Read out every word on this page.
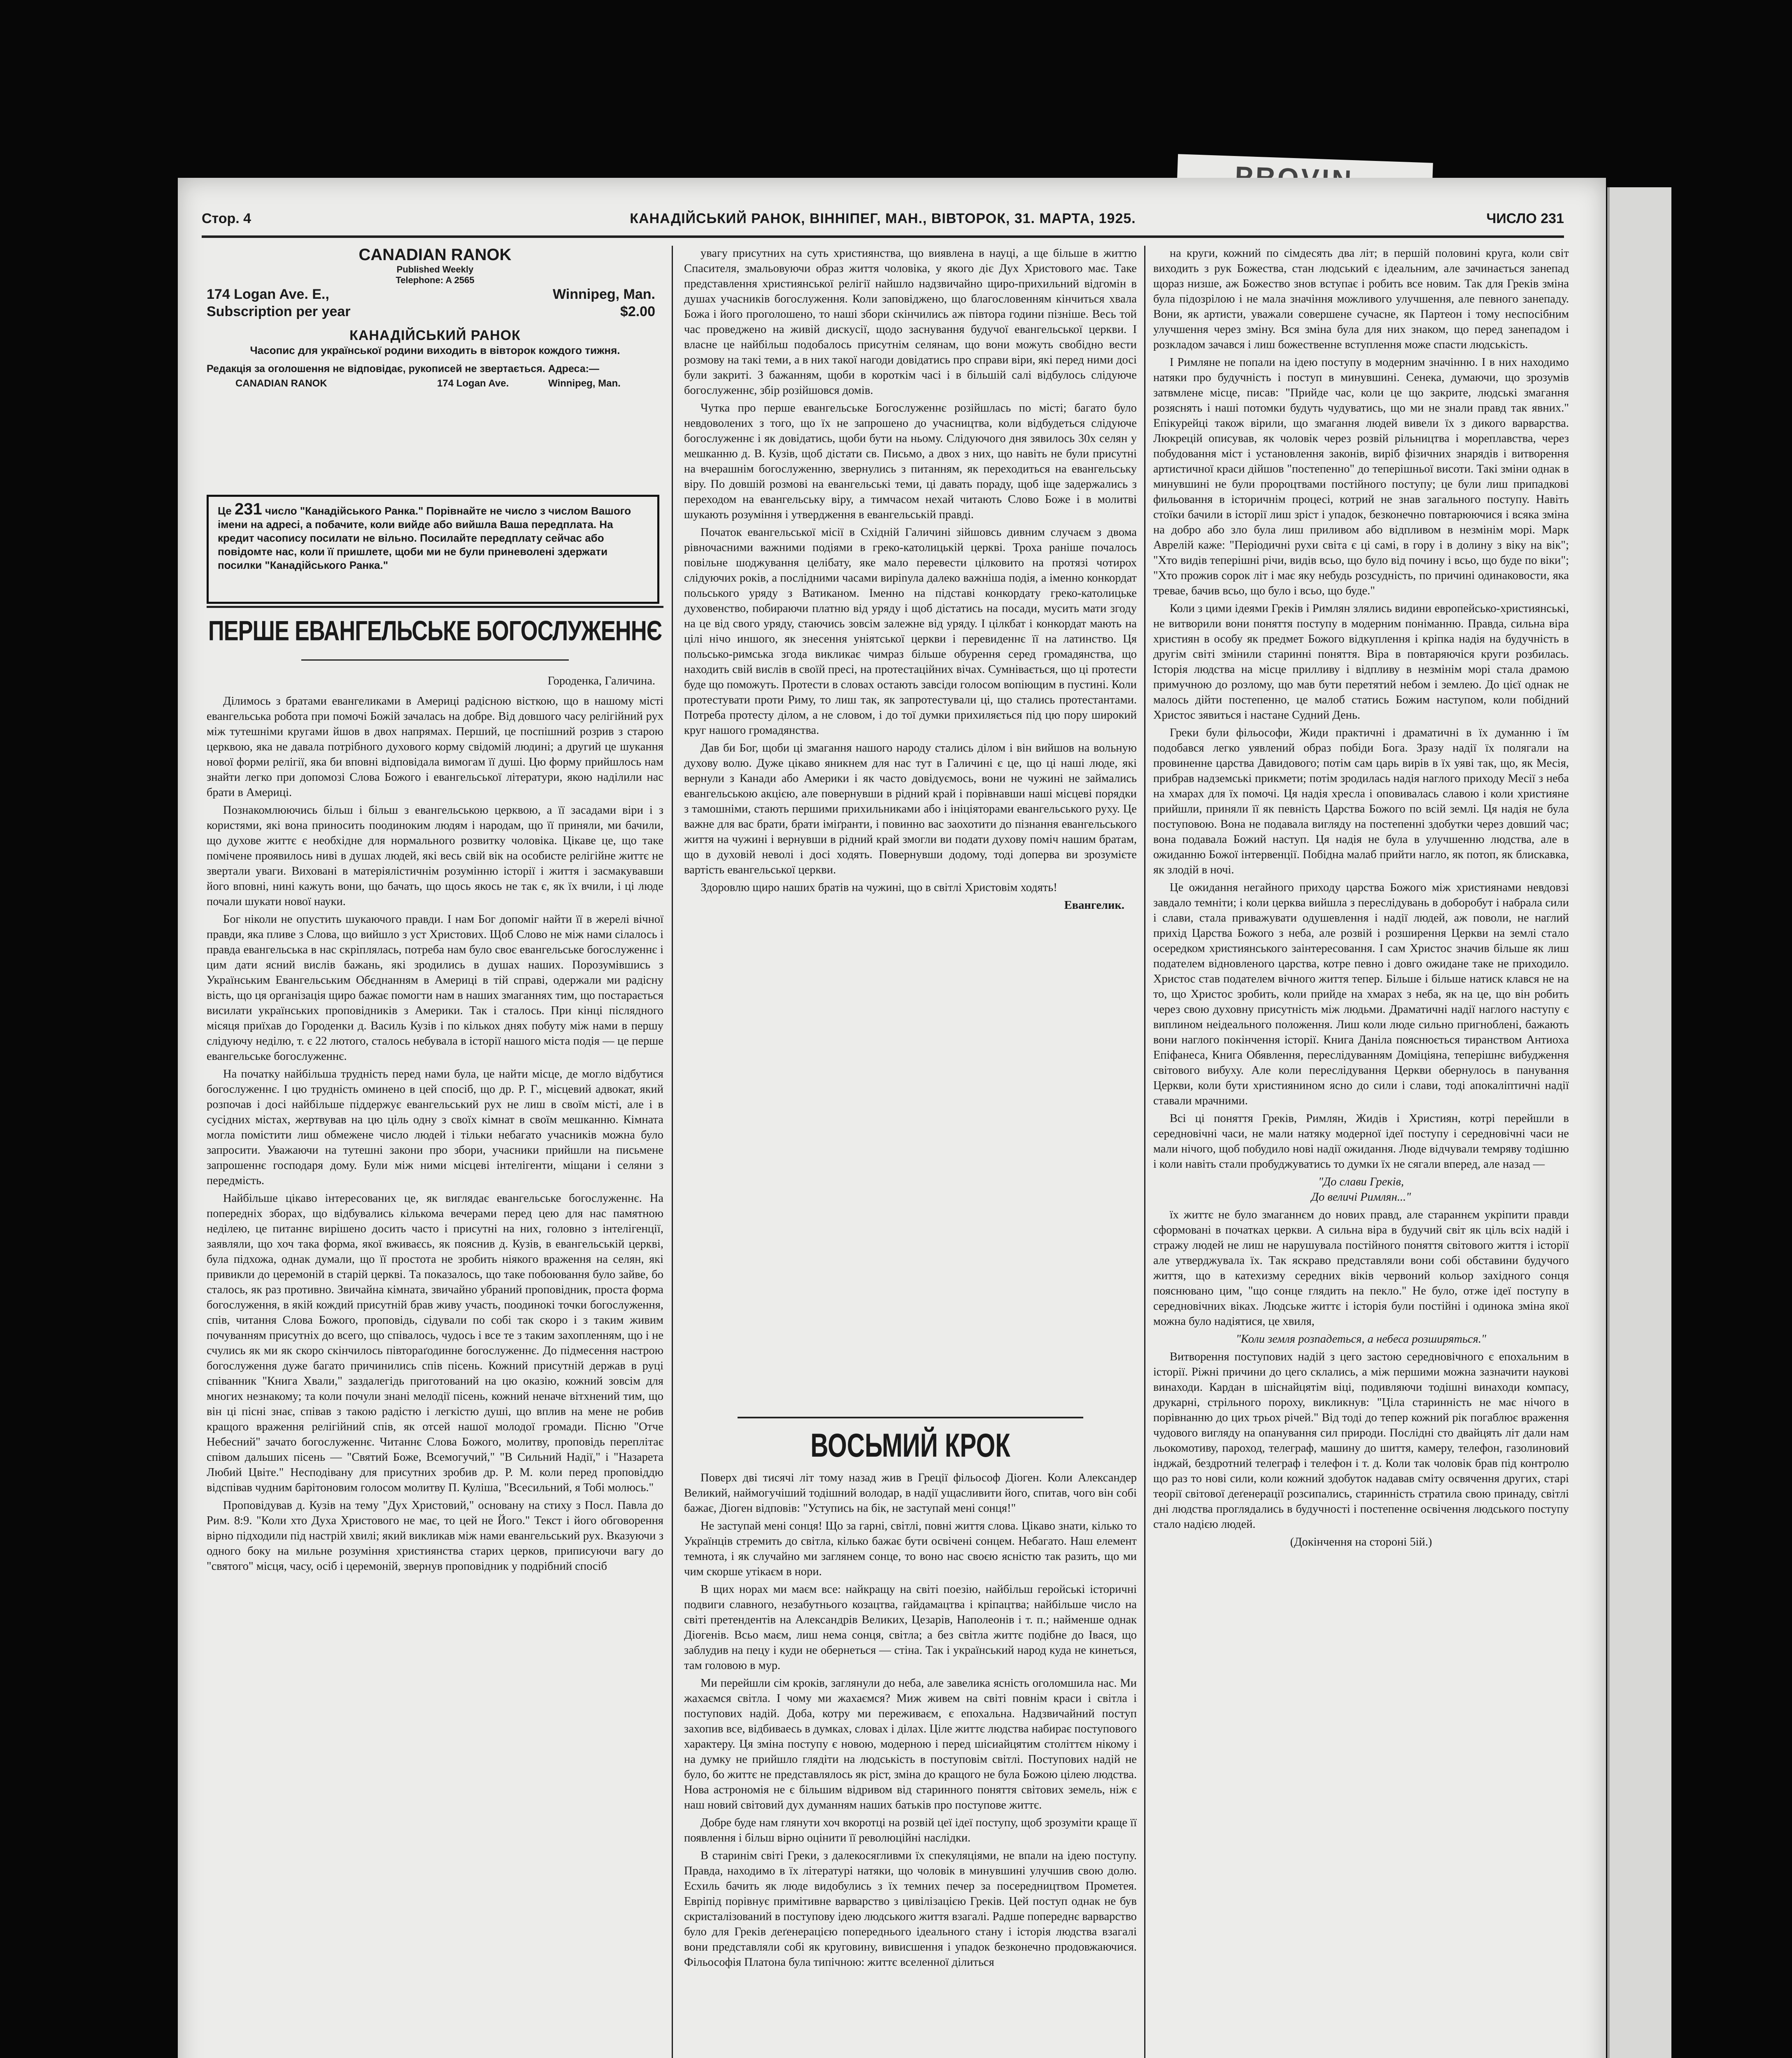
Стор. 4	КАНАДІЙСЬКИЙ РАНОК, ВІННІПЕГ, МАН., ВІВТОРОК, 31. МАРТА, 1925.	ЧИСЛО 231
CANADIAN RANOK
Published Weekly
Telephone: A 2565
174 Logan Ave. E.,	Winnipeg, Man.
Subscription per year	$2.00
КАНАДІЙСЬКИЙ РАНОК
Часопис для української родини виходить в вівторок кождого тижня.
Редакція за оголошення не відповідає, рукописей не звертається. Адреса:—
CANADIAN RANOK	174 Logan Ave.	Winnipeg, Man.
Це 231 число "Канадійського Ранка." Порівнайте не число з числом Вашого імени на адресі, а побачите, коли вийде або вийшла Ваша передплата. На кредит часопису посилати не вільно. Посилайте передплату сейчас або повідомте нас, коли її пришлете, щоби ми не були приневолені здержати посилки "Канадійського Ранка."
ПЕРШЕ ЕВАНГЕЛЬСЬКЕ БОГОСЛУЖЕННЄ
Городенка, Галичина.

Ділимось з братами евангеликами в Америці радісною вісткою, що в нашому місті евангельська робота при помочі Божій зачалась на добре. Від довшого часу релігійний рух між тутешніми кругами йшов в двох напрямах. Перший, це поспішний розрив з старою церквою, яка не давала потрібного духового корму свідомій людині; а другий це шукання нової форми релігії, яка би вповні відповідала вимогам її душі. Цю форму прийшлось нам знайти легко при допомозі Слова Божого і евангельської літератури, якою наділили нас брати в Америці.

Познакомлюючись більш і більш з евангельською церквою, а її засадами віри і з користями, які вона приносить поодиноким людям і народам, що її приняли, ми бачили, що духове життє є необхідне для нормального розвитку чоловіка. Цікаве це, що таке помічене проявилось ниві в душах людей, які весь свій вік на особисте релігійне життє не звертали уваги. Виховані в матеріялістичнім розумінню історії і життя і засмакувавши його вповні, нині кажуть вони, що бачать, що щось якось не так є, як їх вчили, і ці люде почали шукати нової науки.

Бог ніколи не опустить шукаючого правди. І нам Бог допоміг найти її в жерелі вічної правди, яка пливе з Слова, що вийшло з уст Христових. Щоб Слово не між нами сілалось і правда евангельська в нас скріплялась, потреба нам було своє евангельське богослуженнє і цим дати ясний вислів бажань, які зродились в душах наших. Порозумівшись з Українським Евангельським Обєднанням в Америці в тій справі, одержали ми радісну вість, що ця організація щиро бажає помогти нам в наших змаганнях тим, що постарається висилати українських проповідників з Америки. Так і сталось. При кінці післядного місяця приїхав до Городенки д. Василь Кузів і по кількох днях побуту між нами в першу слідуючу неділю, т. є 22 лютого, сталось небувала в історії нашого міста подія — це перше евангельське богослуженнє.

На початку найбільша трудність перед нами була, це найти місце, де могло відбутися богослуженнє. І цю трудність оминено в цей спосіб, що др. Р. Г., місцевий адвокат, який розпочав і досі найбільше піддержує евангельський рух не лиш в своїм місті, але і в сусідних містах, жертвував на цю ціль одну з своїх кімнат в своїм мешканню. Кімната могла помістити лиш обмежене число людей і тільки небагато учасників можна було запросити. Уважаючи на тутешні закони про збори, учасники прийшли на письмене запрошеннє господаря дому. Були між ними місцеві інтелігенти, міщани і селяни з передмість.

Найбільше цікаво інтересованих це, як виглядає евангельське богослуженнє. На попередніх зборах, що відбувались кількома вечерами перед цею для нас памятною неділею, це питаннє вирішено досить часто і присутні на них, головно з інтелігенції, заявляли, що хоч така форма, якої вживаєсь, як пояснив д. Кузів, в евангельській церкві, була підхожа, однак думали, що її простота не зробить ніякого враження на селян, які привикли до церемоній в старій церкві. Та показалось, що таке побоювання було зайве, бо сталось, як раз противно. Звичайна кімната, звичайно убраний проповідник, проста форма богослуження, в якій кождий присутній брав живу участь, поодинокі точки богослуження, спів, читання Слова Божого, проповідь, сідували по собі так скоро і з таким живим почуванням присутніх до всего, що співалось, чудось і все те з таким захопленням, що і не счулись як ми як скоро скінчилось півтораґодинне богослуженнє. До підмесення настрою богослуження дуже багато причинились спів пісень. Кожний присутній держав в руці співанник "Книга Хвали," заздалегідь приготований на цю оказію, кожний зовсім для многих незнакому; та коли почули знані мелодії пісень, кожний неначе вітхнений тим, що він ці пісні знає, співав з такою радістю і легкістю душі, що вплив на мене не робив кращого враження релігійний спів, як отсей нашої молодої громади. Пісню "Отче Небесний" зачато богослуженнє. Читаннє Слова Божого, молитву, проповідь переплітає співом дальших пісень — "Святий Боже, Всемогучий," "В Сильний Надії," і "Назарета Любий Цвіте." Несподівану для присутних зробив др. Р. М. коли перед проповіддю відспівав чудним барітоновим голосом молитву П. Куліша, "Всесильний, я Тобі молюсь."

Проповідував д. Кузів на тему "Дух Христовий," основану на стиху з Посл. Павла до Рим. 8:9. "Коли хто Духа Христового не має, то цей не Його." Текст і його обговорення вірно підходили під настрій хвилі; який викликав між нами евангельський рух. Вказуючи з одного боку на мильне розуміння християнства старих церков, приписуючи вагу до "святого" місця, часу, осіб і церемоній, звернув проповідник у подрібний спосіб

увагу присутних на суть християнства, що виявлена в науці, а ще більше в життю Спасителя, змальовуючи образ життя чоловіка, у якого діє Дух Христового має. Таке представлення християнської релігії найшло надзвичайно щиро-прихильний відгомін в душах учасників богослуження. Коли заповіджено, що благословенням кінчиться хвала Божа і його проголошено, то наші збори скінчились аж півтора години пізніше. Весь той час проведжено на живій дискусії, щодо заснування будучої евангельської церкви. І власне це найбільш подобалось присутнім селянам, що вони можуть свобідно вести розмову на такі теми, а в них такої нагоди довідатись про справи віри, які перед ними досі були закриті. З бажанням, щоби в короткім часі і в більшій салі відбулось слідуюче богослуженнє, збір розійшовся домів.

Чутка про перше евангельське Богослуженнє розійшлась по місті; багато було невдоволених з того, що їх не запрошено до учасництва, коли відбудеться слідуюче богослуженнє і як довідатись, щоби бути на ньому. Слідуючого дня зявилось 30х селян у мешканню д. В. Кузів, щоб дістати св. Письмо, а двох з них, що навіть не були присутні на вчерашнім богослуженню, звернулись з питанням, як переходиться на евангельську віру. По довшій розмові на евангельські теми, ці давать пораду, щоб іще задержались з переходом на евангельську віру, а тимчасом нехай читають Слово Боже і в молитві шукають розуміння і утвердження в евангельській правді.

Початок евангельської місії в Східній Галичині зійшовсь дивним случаєм з двома рівночасними важними подіями в греко-католицькій церкві. Троха раніше почалось повільне шоджування целібату, яке мало перевести цілковито на протязі чотирох слідуючих років, а послідними часами вирinула далеко важніша подія, а іменно конкордат польського уряду з Ватиканом. Іменно на підставі конкордату греко-католицьке духовенство, побираючи платню від уряду і щоб дістатись на посади, мусить мати згоду на це від свого уряду, стаючись зовсім залежне від уряду. І цілкбат і конкордат мають на цілі нічо иншого, як знесення уніятської церкви і перевиденнє її на латинство. Ця польсько-римська згода викликає чимраз більше обурення серед громадянства, що находить свій вислів в своїй пресі, на протестаційних вічах. Сумнівається, що ці протести буде що поможуть. Протести в словах остають завсіди голосом вопіющим в пустині. Коли протестувати проти Риму, то лиш так, як запротестували ці, що стались протестантами. Потреба протесту ділом, а не словом, і до тої думки прихиляється під цю пору широкий круг нашого громадянства.

Дав би Бог, щоби ці змагання нашого народу стались ділом і він вийшов на вольную духову волю. Дуже цікаво яникнем для нас тут в Галичині є це, що ці наші люде, які вернули з Канади або Америки і як часто довідуємось, вони не чужині не займались евангельською акцією, але повернувши в рідний край і порівнавши наші місцеві порядки з тамошніми, стають першими прихильниками або і ініціяторами евангельського руху. Це важне для вас брати, брати іміґранти, і повинно вас заохотити до пізнання евангельського життя на чужині і вернувши в рідний край змогли ви подати духову поміч нашим братам, що в духовій неволі і досі ходять. Повернувши додому, тоді доперва ви зрозумієте вартість евангельської церкви.

Здоровлю щиро наших братів на чужині, що в світлі Христовім ходять!

Евангелик.
ВОСЬМИЙ КРОК

Поверх дві тисячі літ тому назад жив в Греції фільософ Діоген. Коли Александер Великий, наймогучіший тодішний володар, в надії ущасливити його, спитав, чого він собі бажає, Діоген відповів: "Уступись на бік, не заступай мені сонця!"

Не заступай мені сонця! Що за гарні, світлі, повні життя слова. Цікаво знати, кілько то Українців стремить до світла, кілько бажає бути освічені сонцем. Небагато. Наш елемент темнота, і як случайно ми заглянем сонце, то воно нас своєю ясністю так разить, що ми чим скорше утікаєм в нори.

В щих норах ми маєм все: найкращу на світі поезію, найбільш геройські історичні подвиги славного, незабутнього козацтва, гайдамацтва і кріпацтва; найбільше число на світі претендентів на Александрів Великих, Цезарів, Наполеонів і т. п.; найменше однак Діогенів. Всьо маєм, лиш нема сонця, світла; а без світла життє подібне до Івася, що заблудив на пецу і куди не обернеться — стіна. Так і український народ куда не кинеться, там головою в мур.

Ми перейшли сім кроків, заглянули до неба, але завелика ясність оголомшила нас. Ми жахаємся світла. І чому ми жахаємся? Миж живем на світі повнім краси і світла і поступових надій. Доба, котру ми переживаєм, є епохальна. Надзвичайний поступ захопив все, відбиваесь в думках, словах і ділах. Ціле життє людства набирає поступового характеру. Ця зміна поступу є новою, модерною і перед шісиайцятим століттєм нікому і на думку не прийшло глядіти на людськість в поступовім світлі. Поступових надій не було, бо життє не представлялось як ріст, зміна до кращого не була Божою цілею людства. Нова астрономія не є більшим відривом від старинного поняття світових земель, ніж є наш новий світовий дух думанням наших батьків про поступове життє.

Добре буде нам глянути хоч вкоротці на розвій цеї ідеї поступу, щоб зрозуміти краще її появлення і більш вірно оцінити її революційні наслідки.

В старинім світі Греки, з далекосягливми їх спекуляціями, не впали на ідею поступу. Правда, находимо в їх літературі натяки, що чоловік в минувшині улучшив свою долю. Есхиль бачить як люде видобулись з їх темних печер за посередництвом Прометея. Евріпід порівнує примітивне варварство з цивілізацією Греків. Цей поступ однак не був скристалізований в поступову ідею людського життя взагалі. Радше попереднє варварство було для Греків деґенерацією попереднього ідеального стану і історія людства взагалі вони представляли собі як круговину, вивисшення і упадок безконечно продовжаючися. Фільософія Платона була типічною: життє вселенної ділиться

на круги, кожний по сімдесять два літ; в першій половині круга, коли світ виходить з рук Божества, стан людський є ідеальним, але зачинається занепад щораз низше, аж Божество знов вступає і робить все новим. Так для Греків зміна була підозрілою і не мала значіння можливого улучшення, але певного занепаду. Вони, як артисти, уважали совершене сучасне, як Партеон і тому неспосібним улучшення через зміну. Вся зміна була для них знаком, що перед занепадом і розкладом зачався і лиш божественне вступлення може спасти людськість.

І Римляне не попали на ідею поступу в модерним значінню. І в них находимо натяки про будучність і поступ в минувшині. Сенека, думаючи, що зрозумів затвмлене місце, писав: "Прийде час, коли це що закрите, людські змагання розяснять і наші потомки будуть чудуватись, що ми не знали правд так явних." Епікурейці також вірили, що змагання людей вивели їх з дикого варварства. Люкрецій описував, як чоловік через розвій рільництва і мореплавства, через побудовання міст і установлення законів, виріб фізичних знарядів і витворення артистичної краси дійшов "постепенно" до теперішньої висоти. Такі зміни однак в минувшині не були пророцтвами постійного поступу; це були лиш припадкові фильовання в історичнім процесі, котрий не знав загального поступу. Навіть стоїки бачили в історії лиш зріст і упадок, безконечно повтарюючися і всяка зміна на добро або зло була лиш приливом або відпливом в незмінім морі. Марк Аврелій каже: "Періодичні рухи світа є ці самі, в гору і в долину з віку на вік"; "Хто видів теперішні річи, видів всьо, що було від почину і всьо, що буде по віки"; "Хто прожив сорок літ і має яку небудь розсудність, по причині одинаковости, яка тревае, бачив всьо, що було і всьо, що буде."

Коли з цими ідеями Греків і Римлян злялись видини европейсько-християнські, не витворили вони поняття поступу в модерним поніманню. Правда, сильна віра християн в особу як предмет Божого відкуплення і кріпка надія на будучність в другім світі змінили старинні поняття. Віра в повтаряючіся круги розбилась. Історія людства на місце прилливу і відпливу в незмінім морі стала драмою примучною до розлому, що мав бути перетятий небом і землею. До цієї однак не малось дійти постепенно, це малоб статись Божим наступом, коли побідний Христос зявиться і настане Судний День.

Греки були фільософи, Жиди практичні і драматичні в їх думанню і їм подобався легко уявлений образ побіди Бога. Зразу надії їх полягали на провиненне царства Давидового; потім сам царь вирів в їх уяві так, що, як Месія, прибрав надземські прикмети; потім зродилась надія наглого приходу Месії з неба на хмарах для їх помочі. Ця надія хресла і оповивалась славою і коли християне прийшли, приняли її як певність Царства Божого по всій землі. Ця надія не була поступовою. Вона не подавала вигляду на постепенні здобутки через довший час; вона подавала Божий наступ. Ця надія не була в улучшенню людства, але в ожиданню Божої інтервенції. Побідна малаб прийти нагло, як потоп, як блискавка, як злодій в ночі.

Це ожидання негайного приходу царства Божого між християнами невдовзі завдало темніти; і коли церква вийшла з переслідувань в доборобут і набрала сили і слави, стала приважувати одушевлення і надії людей, аж поволи, не наглий прихід Царства Божого з неба, але розвій і розширення Церкви на землі стало осередком християнського заінтересовання. І сам Христос значив більше як лиш подателем відновленого царства, котре певно і довго ожидане таке не приходило. Христос став подателем вічного життя тепер. Більше і більше натиск клався не на то, що Христос зробить, коли прийде на хмарах з неба, як на це, що він робить через свою духовну присутність між людьми. Драматичні надії наглого наступу є виплином неідеального положення. Лиш коли люде сильно пригноблені, бажають вони наглого покінчення історії. Книга Даніла пояснюється тиранством Антиоха Епіфанеса, Книга Обявлення, переслідуванням Доміціяна, теперішнє вибудження світового вибуху. Але коли переслідування Церкви обернулось в панування Церкви, коли бути християнином ясно до сили і слави, тоді апокаліптичні надії ставали мрачними.

Всі ці поняття Греків, Римлян, Жидів і Християн, котрі перейшли в середновічні часи, не мали натяку модерної ідеї поступу і середновічні часи не мали нічого, щоб побудило нові надії ожидання. Люде відчували темряву тодішню і коли навіть стали пробуджуватись то думки їх не сягали вперед, але назад —

"До слави Греків,
До величі Римлян..."

їх життє не було змаганнєм до нових правд, але стараннєм укріпити правди сформовані в початках церкви. А сильна віра в будучий світ як ціль всіх надій і стражу людей не лиш не нарушувала постійного поняття світового життя і історії але утверджувала їх. Так яскраво представляли вони собі обставини будучого життя, що в катехизму середних віків червоний кольор західного сонця пояснювано цим, "що сонце глядить на пекло." Не було, отже ідеї поступу в середновічних віках. Людське життє і історія були постійні і одинока зміна якої можна було надіятися, це хвиля,

"Коли земля розпадеться, а небеса розширяться."

Витворення поступових надій з цего застою середновічного є епохальним в історії. Ріжні причини до цего склались, а між першими можна зазначити наукові винаходи. Кардан в шіснайцятім віці, подивляючи тодішні винаходи компасу, друкарні, стрільного пороху, викликнув: "Ціла старинність не має нічого в порівнанню до цих трьох річей." Від тоді до тепер кожний рік погаблює враження чудового вигляду на опанування сил природи. Послідні сто двайцять літ дали нам льокомотиву, пароход, телеграф, машину до шиття, камеру, телефон, газолиновий інджай, бездротний телеграф і телефон і т. д. Коли так чоловік брав під контролю що раз то нові сили, коли кожний здобуток надавав сміту освячення других, старі теорії світової деґенерації розсипались, старинність стратила свою принаду, світлі дні людства проглядались в будучності і постепенне освічення людського поступу стало надією людей.

(Докінчення на стороні 5ій.)
